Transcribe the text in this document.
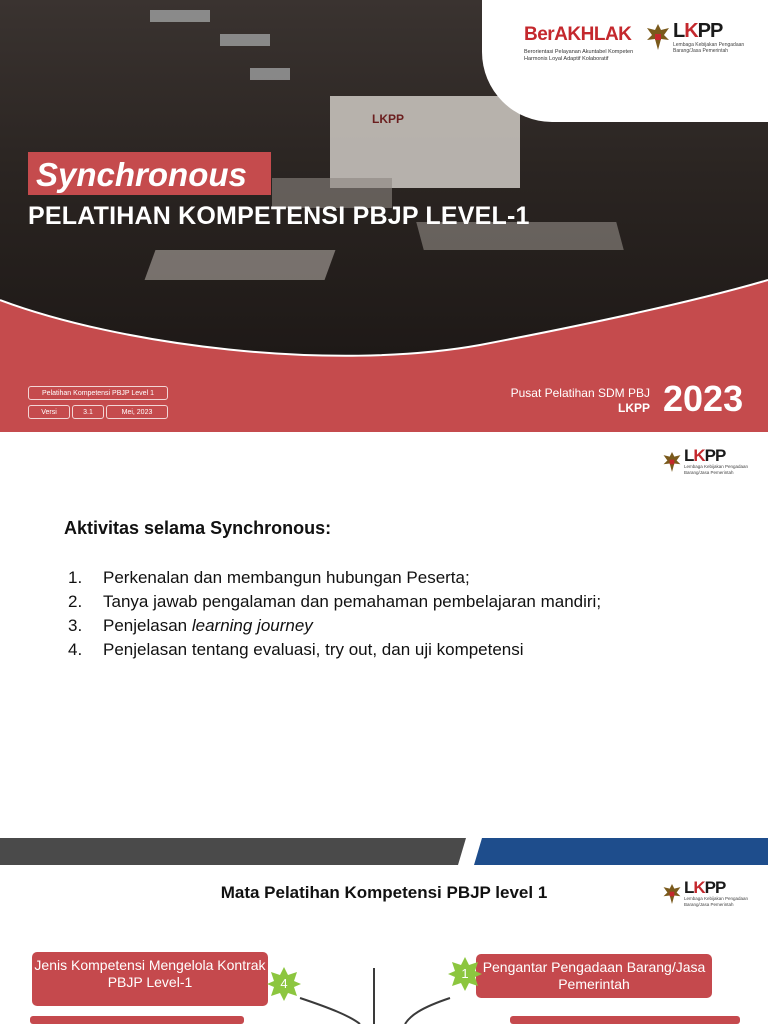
LKPP
BerAKHLAK
Berorientasi Pelayanan Akuntabel Kompeten Harmonis Loyal Adaptif Kolaboratif
LKPP
Lembaga Kebijakan Pengadaan Barang/Jasa Pemerintah
Synchronous
PELATIHAN KOMPETENSI PBJP LEVEL-1
Pelatihan Kompetensi PBJP Level 1
Versi	3.1	Mei, 2023
Pusat Pelatihan SDM PBJ
LKPP 2023
LKPP
Lembaga Kebijakan Pengadaan Barang/Jasa Pemerintah
Aktivitas selama Synchronous:
1. Perkenalan dan membangun hubungan Peserta;
2. Tanya jawab pengalaman dan pemahaman pembelajaran mandiri;
3. Penjelasan learning journey
4. Penjelasan tentang evaluasi, try out, dan uji kompetensi
Mata Pelatihan Kompetensi PBJP level 1	LKPP
Lembaga Kebijakan Pengadaan Barang/Jasa Pemerintah
Jenis Kompetensi Mengelola Kontrak PBJP Level-1	4
Pengantar Pengadaan Barang/Jasa Pemerintah
1
